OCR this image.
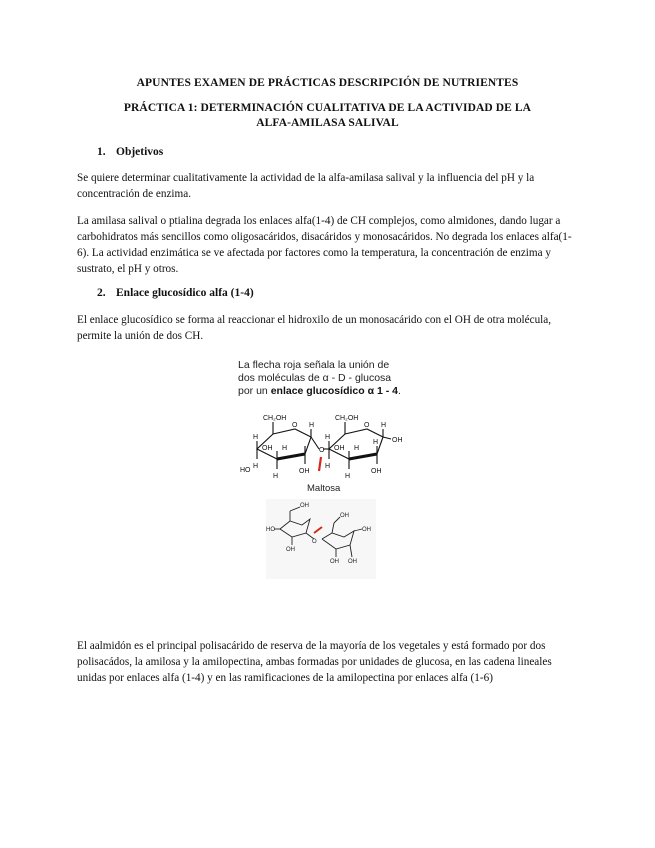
APUNTES EXAMEN DE PRÁCTICAS DESCRIPCIÓN DE NUTRIENTES
PRÁCTICA 1: DETERMINACIÓN CUALITATIVA DE LA ACTIVIDAD DE LA
ALFA-AMILASA SALIVAL
1. Objetivos

Se quiere determinar cualitativamente la actividad de la alfa-amilasa salival y la influencia del pH y la concentración de enzima.

La amilasa salival o ptialina degrada los enlaces alfa(1-4) de CH complejos, como almidones, dando lugar a carbohidratos más sencillos como oligosacáridos, disacáridos y monosacáridos. No degrada los enlaces alfa(1-6). La actividad enzimática se ve afectada por factores como la temperatura, la concentración de enzima y sustrato, el pH y otros.

2. Enlace glucosídico alfa (1-4)

El enlace glucosídico se forma al reaccionar el hidroxilo de un monosacárido con el OH de otra molécula, permite la unión de dos CH.

La flecha roja señala la unión de
dos moléculas de α - D - glucosa
por un enlace glucosídico α 1 - 4.
CH₂OH	CH₂OH
O	O
H
H
OH H	O
H
OH H
H
OH
H
HO
H
OH
H
H
OH
H
Maltosa
OH
HO
OH
O
OH
OH OH
OH

El aalmidón es el principal polisacárido de reserva de la mayoría de los vegetales y está formado por dos polisacádos, la amilosa y la amilopectina, ambas formadas por unidades de glucosa, en las cadena lineales unidas por enlaces alfa (1-4) y en las ramificaciones de la amilopectina por enlaces alfa (1-6)
